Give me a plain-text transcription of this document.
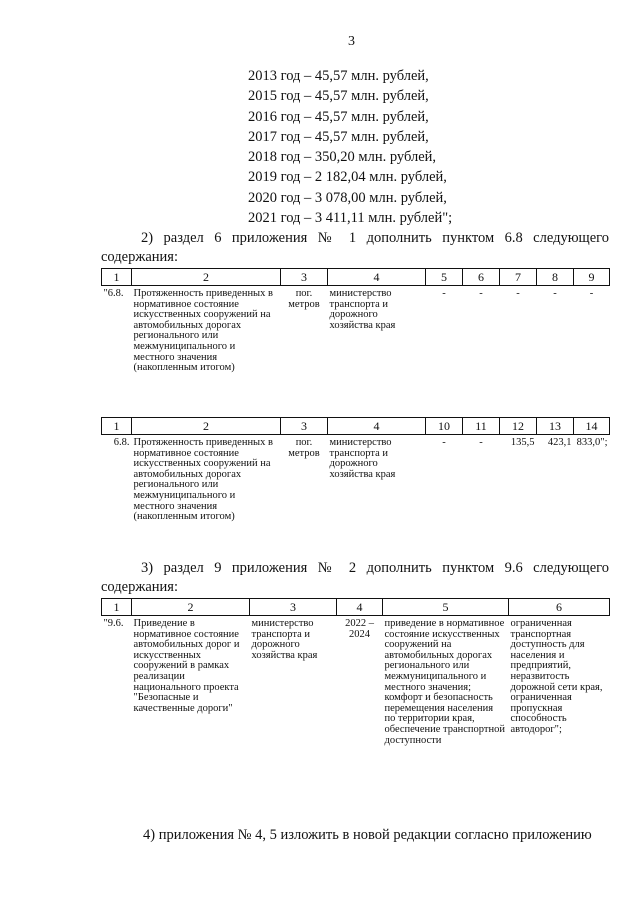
3
2013 год – 45,57 млн. рублей,
2015 год – 45,57 млн. рублей,
2016 год – 45,57 млн. рублей,
2017 год – 45,57 млн. рублей,
2018 год – 350,20 млн. рублей,
2019 год – 2 182,04 млн. рублей,
2020 год – 3 078,00 млн. рублей,
2021 год – 3 411,11 млн. рублей";
2) раздел 6 приложения № 1 дополнить пунктом 6.8 следующего содержания:
1	2	3	4	5	6	7	8	9
"6.8.	Протяженность приведенных в нормативное состояние искусственных сооружений на автомобильных дорогах регионального или межмуниципального и местного значения (накопленным итогом)	пог. метров	министерство транспорта и дорожного хозяйства края	-	-	-	-	-
1	2	3	4	10	11	12	13	14
6.8.	Протяженность приведенных в нормативное состояние искусственных сооружений на автомобильных дорогах регионального или межмуниципального и местного значения (накопленным итогом)	пог. метров	министерство транспорта и дорожного хозяйства края	-	-	135,5	423,1	833,0";
3) раздел 9 приложения № 2 дополнить пунктом 9.6 следующего содержания:
1	2	3	4	5	6
"9.6.	Приведение в нормативное состояние автомобильных дорог и искусственных сооружений в рамках реализации национального проекта "Безопасные и качественные дороги"	министерство транспорта и дорожного хозяйства края	2022 – 2024	приведение в нормативное состояние искусственных сооружений на автомобильных дорогах регионального или межмуниципального и местного значения; комфорт и безопасность перемещения населения по территории края, обеспечение транспортной доступности	ограниченная транспортная доступность для населения и предприятий, неразвитость дорожной сети края, ограниченная пропускная способность автодорог";
4) приложения № 4, 5 изложить в новой редакции согласно приложению
